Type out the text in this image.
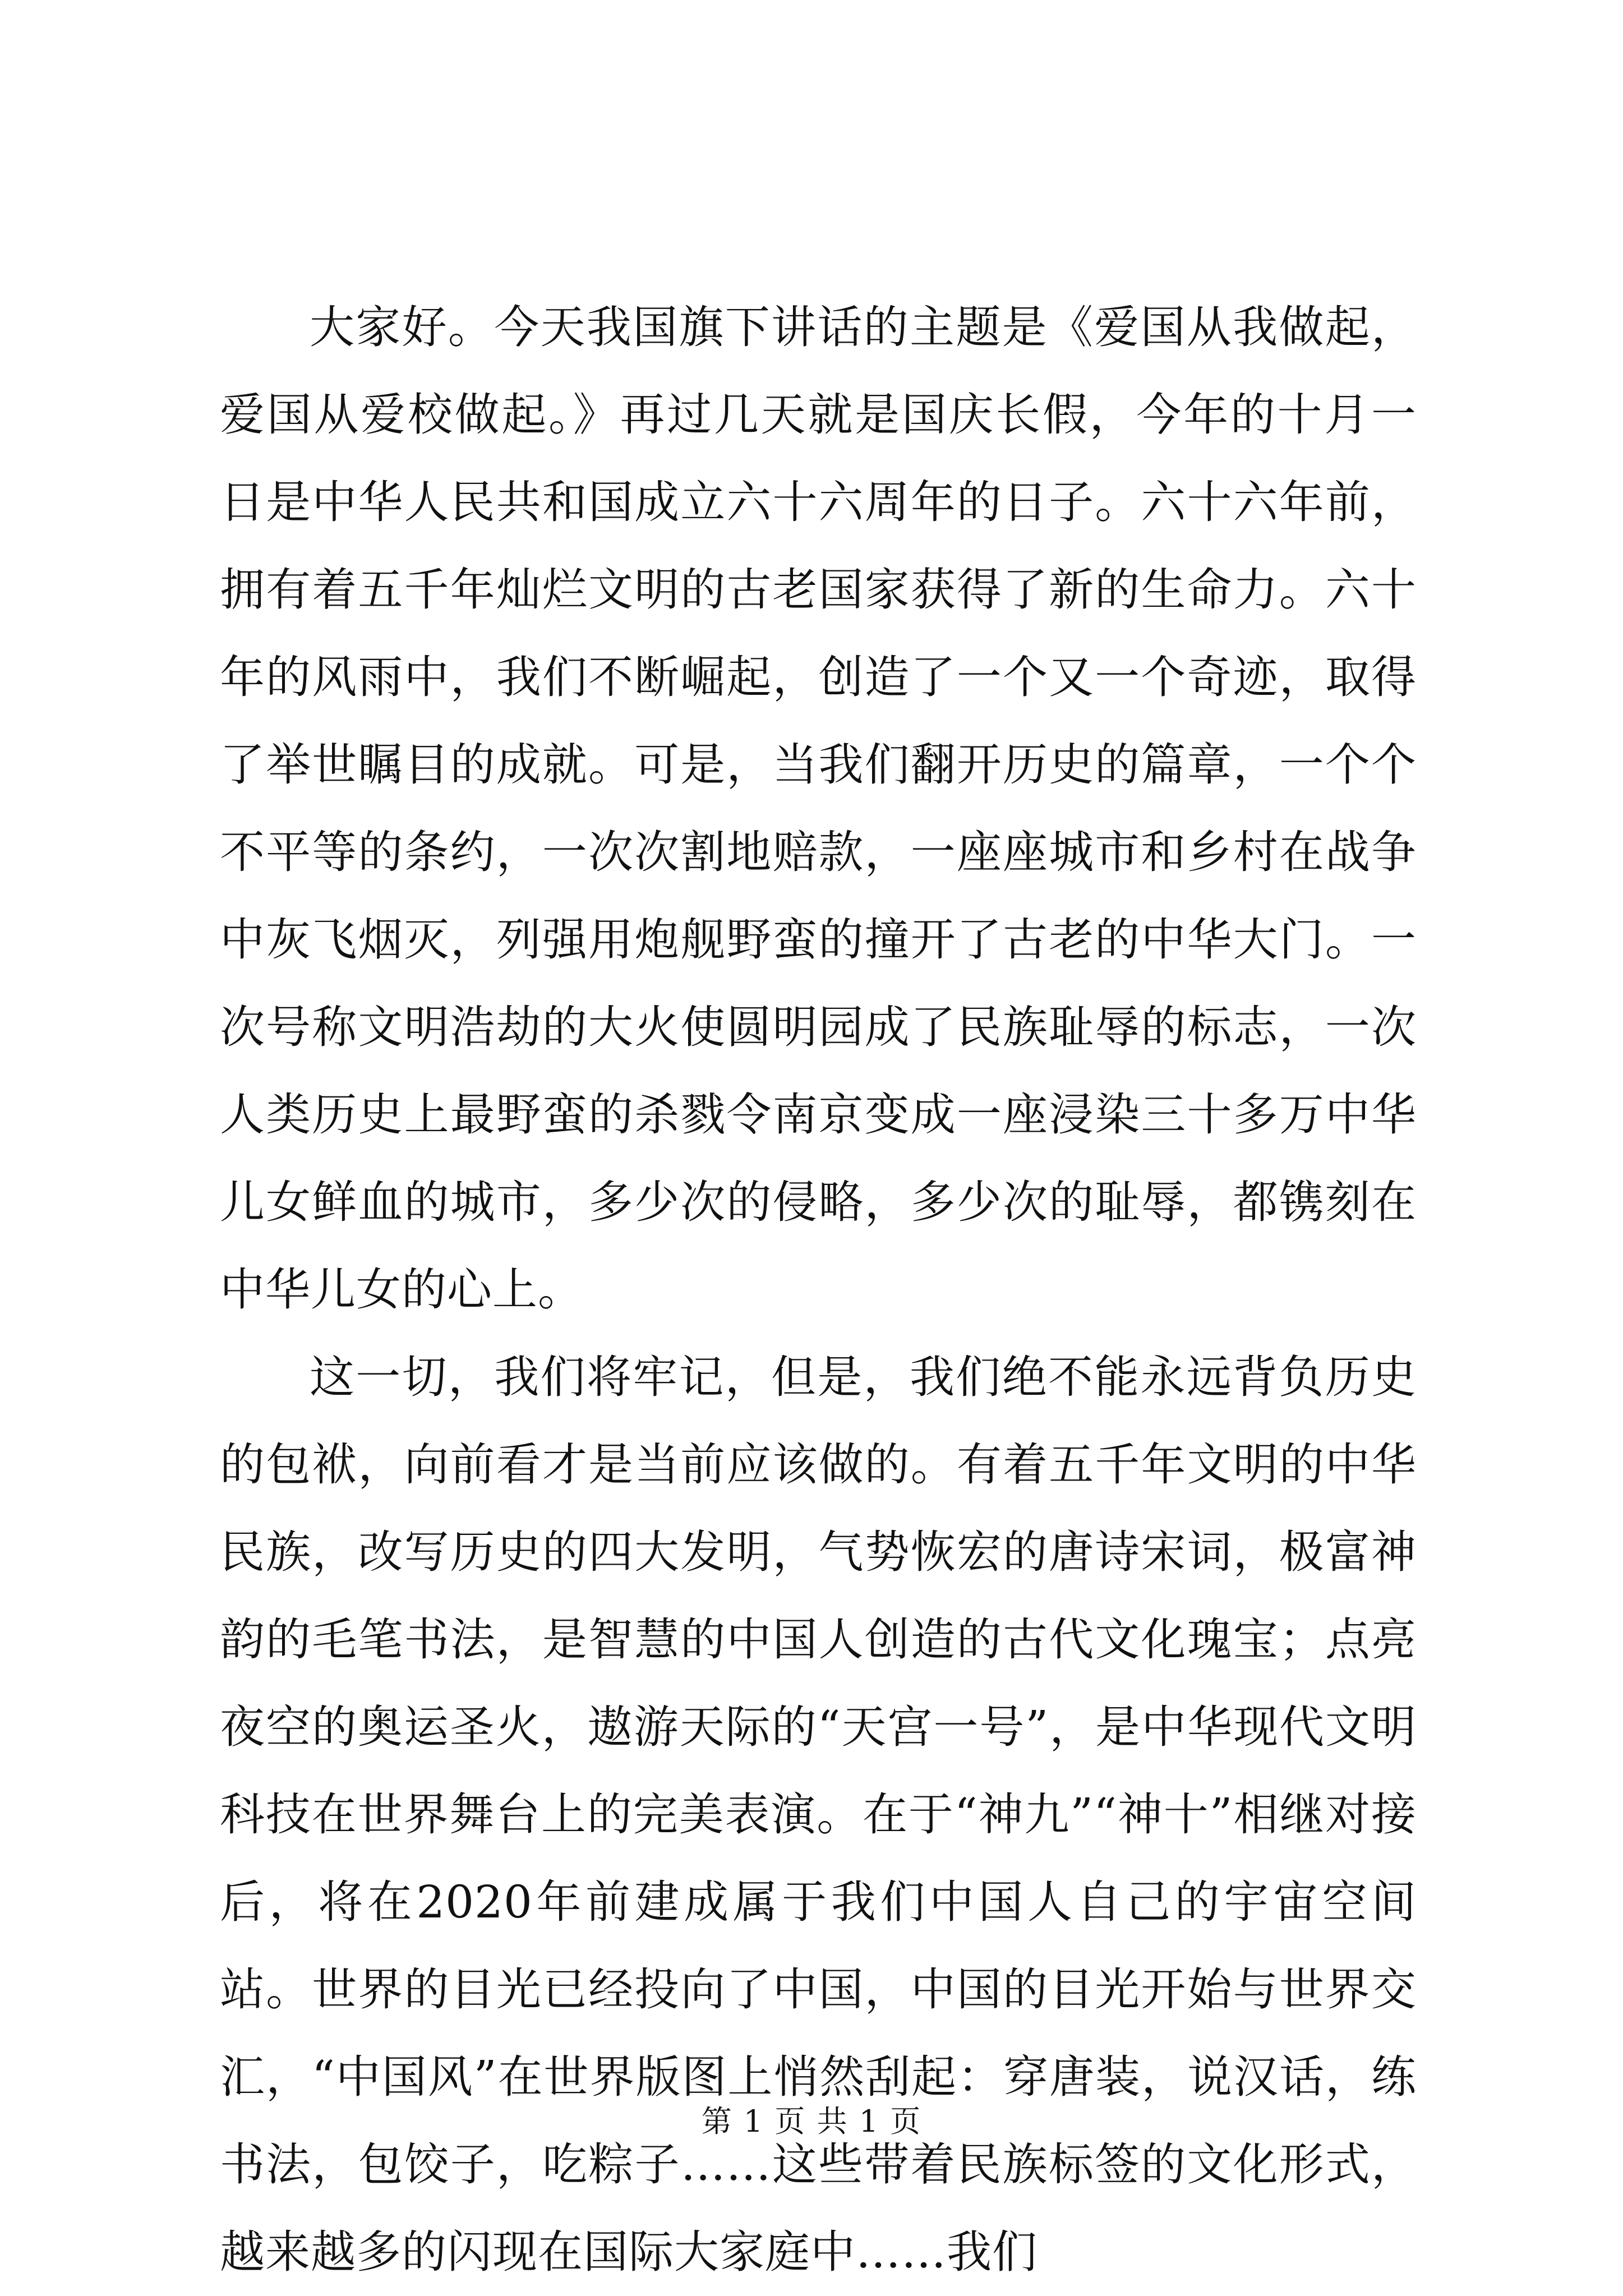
大家好。今天我国旗下讲话的主题是《爱国从我做起，爱国从爱校做起。》再过几天就是国庆长假，今年的十月一日是中华人民共和国成立六十六周年的日子。六十六年前，拥有着五千年灿烂文明的古老国家获得了新的生命力。六十年的风雨中，我们不断崛起，创造了一个又一个奇迹，取得了举世瞩目的成就。可是，当我们翻开历史的篇章，一个个不平等的条约，一次次割地赔款，一座座城市和乡村在战争中灰飞烟灭，列强用炮舰野蛮的撞开了古老的中华大门。一次号称文明浩劫的大火使圆明园成了民族耻辱的标志，一次人类历史上最野蛮的杀戮令南京变成一座浸染三十多万中华儿女鲜血的城市，多少次的侵略，多少次的耻辱，都镌刻在中华儿女的心上。

这一切，我们将牢记，但是，我们绝不能永远背负历史的包袱，向前看才是当前应该做的。有着五千年文明的中华民族，改写历史的四大发明，气势恢宏的唐诗宋词，极富神韵的毛笔书法，是智慧的中国人创造的古代文化瑰宝；点亮夜空的奥运圣火，遨游天际的“天宫一号”，是中华现代文明科技在世界舞台上的完美表演。在于“神九”“神十”相继对接后，将在2020年前建成属于我们中国人自己的宇宙空间站。世界的目光已经投向了中国，中国的目光开始与世界交汇，“中国风”在世界版图上悄然刮起：穿唐装，说汉话，练书法，包饺子，吃粽子……这些带着民族标签的文化形式，越来越多的闪现在国际大家庭中……我们

第 1 页 共 1 页
